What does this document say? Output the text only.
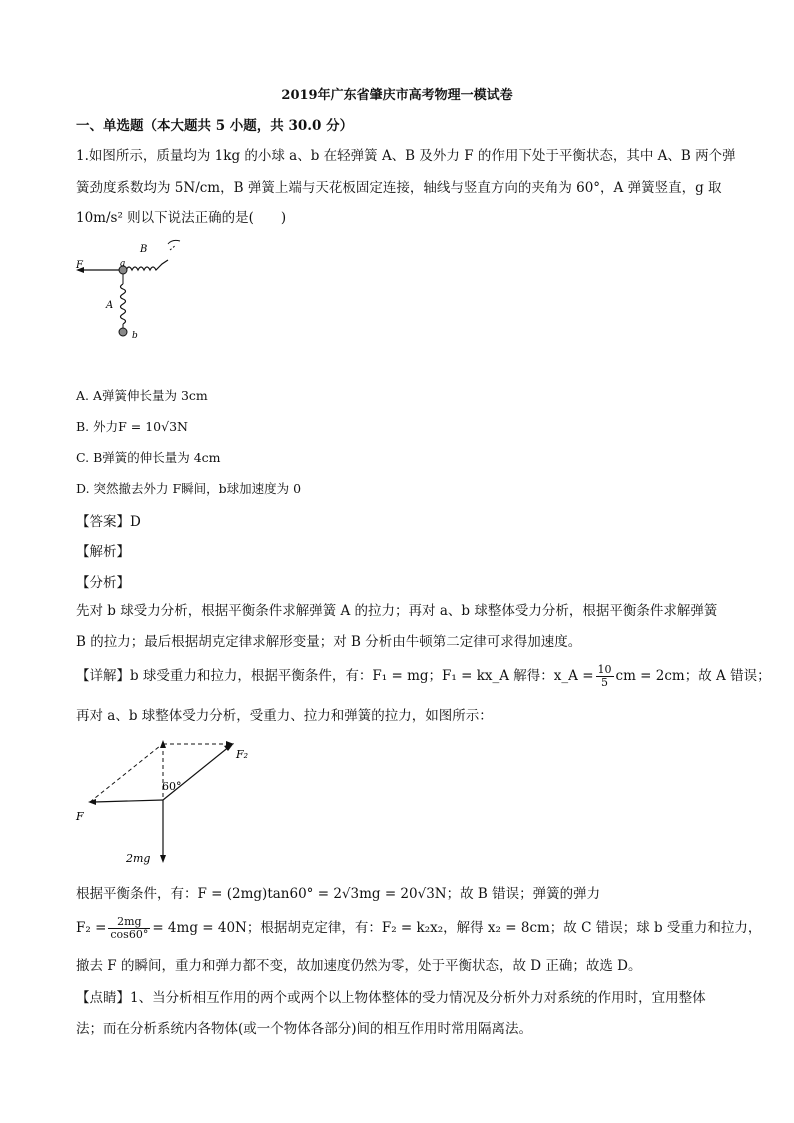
2019年广东省肇庆市高考物理一模试卷
一、单选题（本大题共 5 小题，共 30.0 分）
1.如图所示，质量均为 1kg 的小球 a、b 在轻弹簧 A、B 及外力 F 的作用下处于平衡状态，其中 A、B 两个弹
簧劲度系数均为 5N/cm，B 弹簧上端与天花板固定连接，轴线与竖直方向的夹角为 60°，A 弹簧竖直，g 取
10m/s² 则以下说法正确的是(　　)
F	a
B
A
b
A. A弹簧伸长量为 3cm
B. 外力F = 10√3N
C. B弹簧的伸长量为 4cm
D. 突然撤去外力 F瞬间，b球加速度为 0
【答案】D
【解析】
【分析】
先对 b 球受力分析，根据平衡条件求解弹簧 A 的拉力；再对 a、b 球整体受力分析，根据平衡条件求解弹簧
B 的拉力；最后根据胡克定律求解形变量；对 B 分析由牛顿第二定律可求得加速度。
【详解】b 球受重力和拉力，根据平衡条件，有：F₁ = mg；F₁ = kx_A 解得：x_A = $\frac{10}{5}$ cm = 2cm；故 A 错误；
再对 a、b 球整体受力分析，受重力、拉力和弹簧的拉力，如图所示：
F₂
60°
F
2mg
根据平衡条件，有：F = (2mg)tan60° = 2√3mg = 20√3N；故 B 错误；弹簧的弹力
$F_2 = \frac{2mg}{\cos 60^\circ} = 4mg = 40N$；根据胡克定律，有：F₂ = k₂x₂，解得 x₂ = 8cm；故 C 错误；球 b 受重力和拉力，
撤去 F 的瞬间，重力和弹力都不变，故加速度仍然为零，处于平衡状态，故 D 正确；故选 D。
【点睛】1、当分析相互作用的两个或两个以上物体整体的受力情况及分析外力对系统的作用时，宜用整体
法；而在分析系统内各物体(或一个物体各部分)间的相互作用时常用隔离法。
